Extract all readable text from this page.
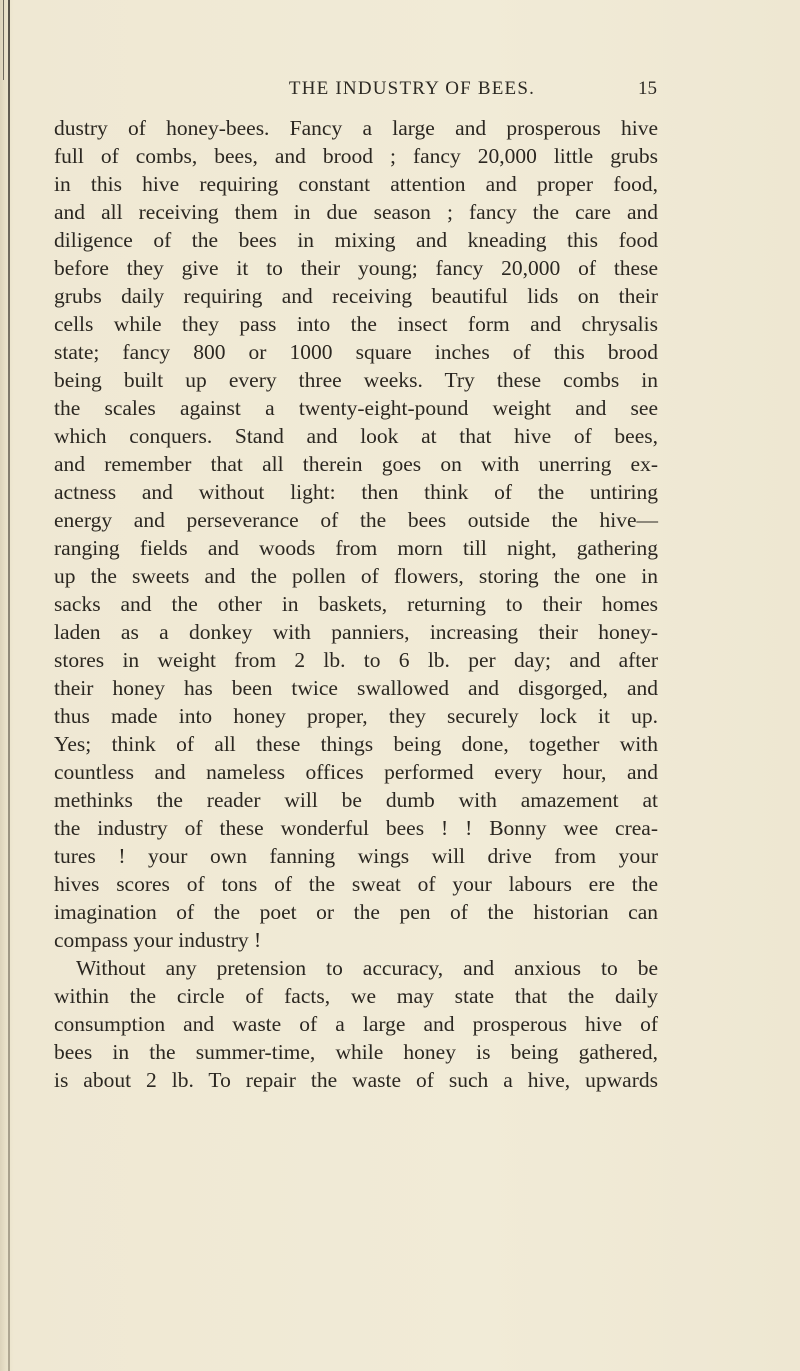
THE INDUSTRY OF BEES.	15
dustry of honey-bees. Fancy a large and prosperous hive
full of combs, bees, and brood ; fancy 20,000 little grubs
in this hive requiring constant attention and proper food,
and all receiving them in due season ; fancy the care and
diligence of the bees in mixing and kneading this food
before they give it to their young; fancy 20,000 of these
grubs daily requiring and receiving beautiful lids on their
cells while they pass into the insect form and chrysalis
state; fancy 800 or 1000 square inches of this brood
being built up every three weeks. Try these combs in
the scales against a twenty-eight-pound weight and see
which conquers. Stand and look at that hive of bees,
and remember that all therein goes on with unerring ex-
actness and without light: then think of the untiring
energy and perseverance of the bees outside the hive—
ranging fields and woods from morn till night, gathering
up the sweets and the pollen of flowers, storing the one in
sacks and the other in baskets, returning to their homes
laden as a donkey with panniers, increasing their honey-
stores in weight from 2 lb. to 6 lb. per day; and after
their honey has been twice swallowed and disgorged, and
thus made into honey proper, they securely lock it up.
Yes; think of all these things being done, together with
countless and nameless offices performed every hour, and
methinks the reader will be dumb with amazement at
the industry of these wonderful bees ! ! Bonny wee crea-
tures ! your own fanning wings will drive from your
hives scores of tons of the sweat of your labours ere the
imagination of the poet or the pen of the historian can
compass your industry !
Without any pretension to accuracy, and anxious to be
within the circle of facts, we may state that the daily
consumption and waste of a large and prosperous hive of
bees in the summer-time, while honey is being gathered,
is about 2 lb. To repair the waste of such a hive, upwards
